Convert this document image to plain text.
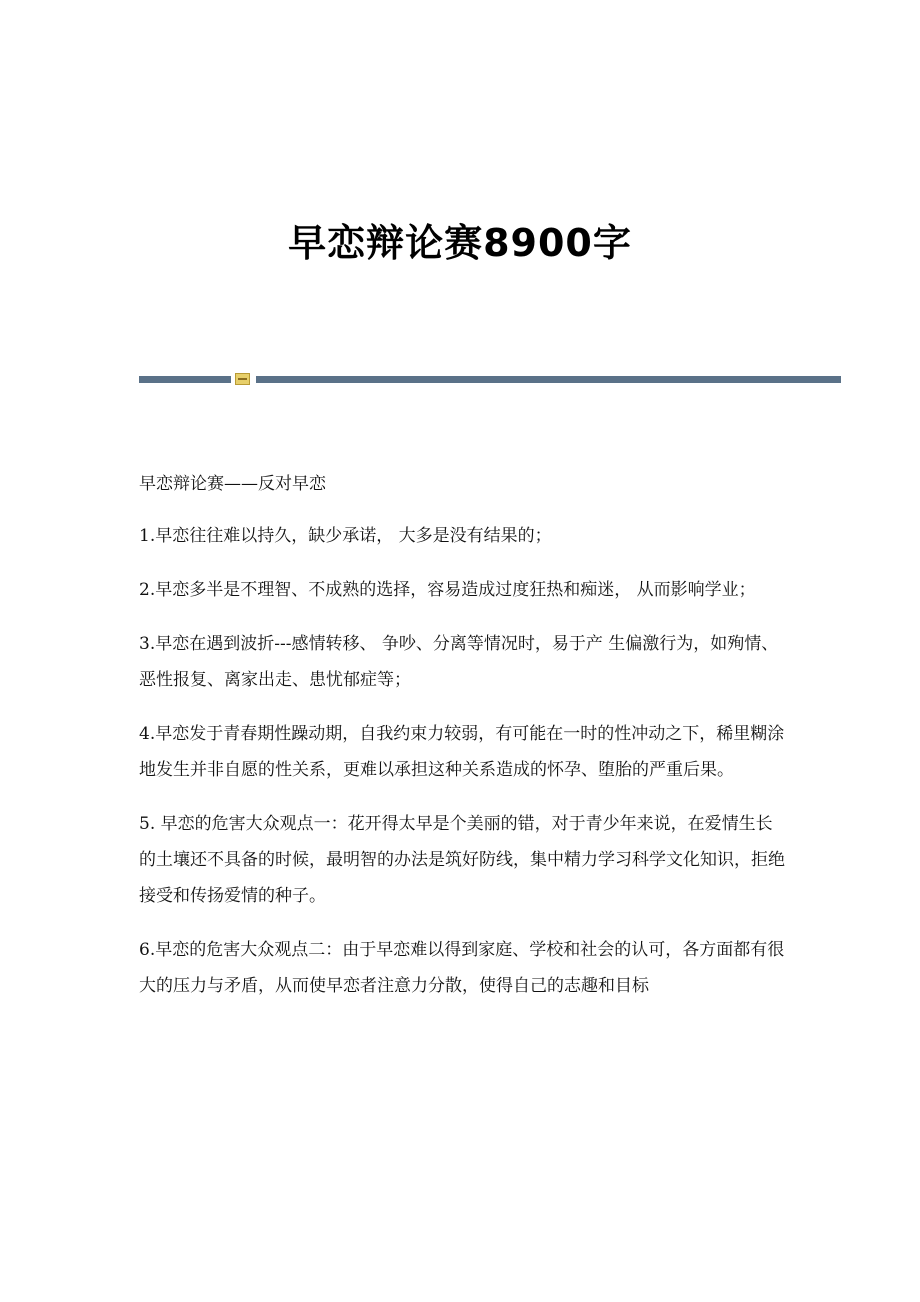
早恋辩论赛8900字

早恋辩论赛——反对早恋

1.早恋往往难以持久，缺少承诺， 大多是没有结果的；

2.早恋多半是不理智、不成熟的选择，容易造成过度狂热和痴迷， 从而影响学业；

3.早恋在遇到波折---感情转移、 争吵、分离等情况时，易于产 生偏激行为，如殉情、恶性报复、离家出走、患忧郁症等；

4.早恋发于青春期性躁动期，自我约束力较弱，有可能在一时的性冲动之下，稀里糊涂地发生并非自愿的性关系，更难以承担这种关系造成的怀孕、堕胎的严重后果。

5. 早恋的危害大众观点一：花开得太早是个美丽的错，对于青少年来说，在爱情生长的土壤还不具备的时候，最明智的办法是筑好防线，集中精力学习科学文化知识，拒绝接受和传扬爱情的种子。

6.早恋的危害大众观点二：由于早恋难以得到家庭、学校和社会的认可，各方面都有很大的压力与矛盾，从而使早恋者注意力分散，使得自己的志趣和目标
